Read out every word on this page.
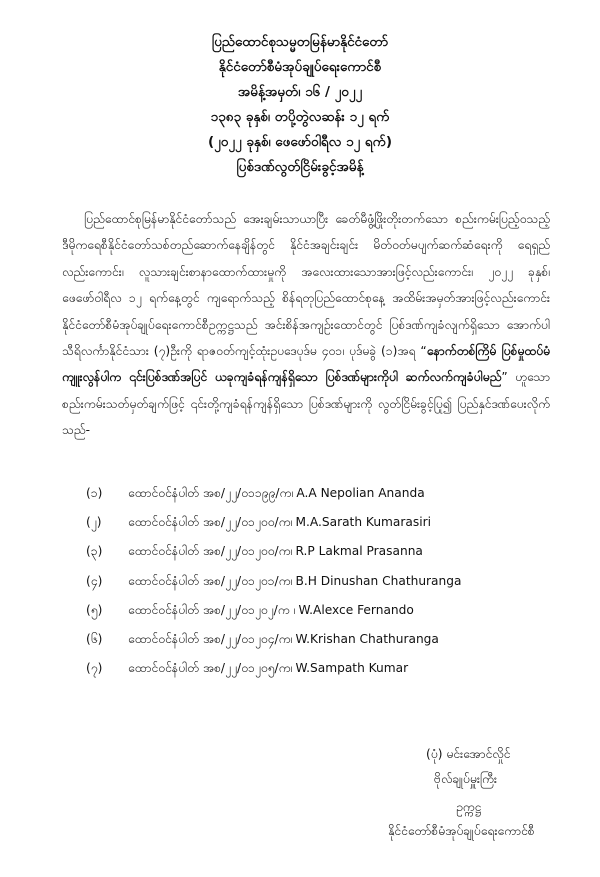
ပြည်ထောင်စုသမ္မတမြန်မာနိုင်ငံတော်
နိုင်ငံတော်စီမံအုပ်ချုပ်ရေးကောင်စီ
အမိန့်အမှတ်၊ ၁၆ / ၂၀၂၂
၁၃၈၃ ခုနှစ်၊ တပို့တွဲလဆန်း ၁၂ ရက်
(၂၀၂၂ ခုနှစ်၊ ဖေဖော်ဝါရီလ ၁၂ ရက်)
ပြစ်ဒဏ်လွတ်ငြိမ်းခွင့်အမိန့်
ပြည်ထောင်စုမြန်မာနိုင်ငံတော်သည် အေးချမ်းသာယာပြီး ခေတ်မီဖွံ့ဖြိုးတိုးတက်သော စည်းကမ်းပြည့်ဝသည့် ဒီမိုကရေစီနိုင်ငံတော်သစ်တည်ဆောက်နေချိန်တွင် နိုင်ငံအချင်းချင်း မိတ်ဝတ်မပျက်ဆက်ဆံရေးကို ရေရှည်လည်းကောင်း၊ လူသားချင်းစာနာထောက်ထားမှုကို အလေးထားသောအားဖြင့်လည်းကောင်း၊ ၂၀၂၂ ခုနှစ်၊ ဖေဖော်ဝါရီလ ၁၂ ရက်နေ့တွင် ကျရောက်သည့် စိန်ရတုပြည်ထောင်စုနေ့ အထိမ်းအမှတ်အားဖြင့်လည်းကောင်း နိုင်ငံတော်စီမံအုပ်ချုပ်ရေးကောင်စီဥက္ကဋ္ဌသည် အင်းစိန်အကျဉ်းထောင်တွင် ပြစ်ဒဏ်ကျခံလျက်ရှိသော အောက်ပါသီရိလင်္ကာနိုင်ငံသား (၇)ဦးကို ရာဇဝတ်ကျင့်ထုံးဥပဒေပုဒ်မ ၄၀၁၊ ပုဒ်မခွဲ (၁)အရ “နောက်တစ်ကြိမ် ပြစ်မှုထပ်မံကျူးလွန်ပါက ၎င်းပြစ်ဒဏ်အပြင် ယခုကျခံရန်ကျန်ရှိသော ပြစ်ဒဏ်များကိုပါ ဆက်လက်ကျခံပါမည်” ဟူသော စည်းကမ်းသတ်မှတ်ချက်ဖြင့် ၎င်းတို့ကျခံရန်ကျန်ရှိသော ပြစ်ဒဏ်များကို လွတ်ငြိမ်းခွင့်ပြု၍ ပြည်နှင်ဒဏ်ပေးလိုက်သည်-
(၁)	ထောင်ဝင်နံပါတ် အစ/၂၂/၀၁၁၉၉/က၊ A.A Nepolian Ananda
(၂)	ထောင်ဝင်နံပါတ် အစ/၂၂/၀၁၂၀၀/က၊ M.A.Sarath Kumarasiri
(၃)	ထောင်ဝင်နံပါတ် အစ/၂၂/၀၁၂၀၀/က၊ R.P Lakmal Prasanna
(၄)	ထောင်ဝင်နံပါတ် အစ/၂၂/၀၁၂၀၁/က၊ B.H Dinushan Chathuranga
(၅)	ထောင်ဝင်နံပါတ် အစ/၂၂/၀၁၂၀၂/က ၊ W.Alexce Fernando
(၆)	ထောင်ဝင်နံပါတ် အစ/၂၂/၀၁၂၀၄/က၊ W.Krishan Chathuranga
(၇)	ထောင်ဝင်နံပါတ် အစ/၂၂/၀၁၂၀၅/က၊ W.Sampath Kumar
(ပုံ) မင်းအောင်လှိုင်
ဗိုလ်ချုပ်မှူးကြီး
ဥက္ကဋ္ဌ
နိုင်ငံတော်စီမံအုပ်ချုပ်ရေးကောင်စီ
